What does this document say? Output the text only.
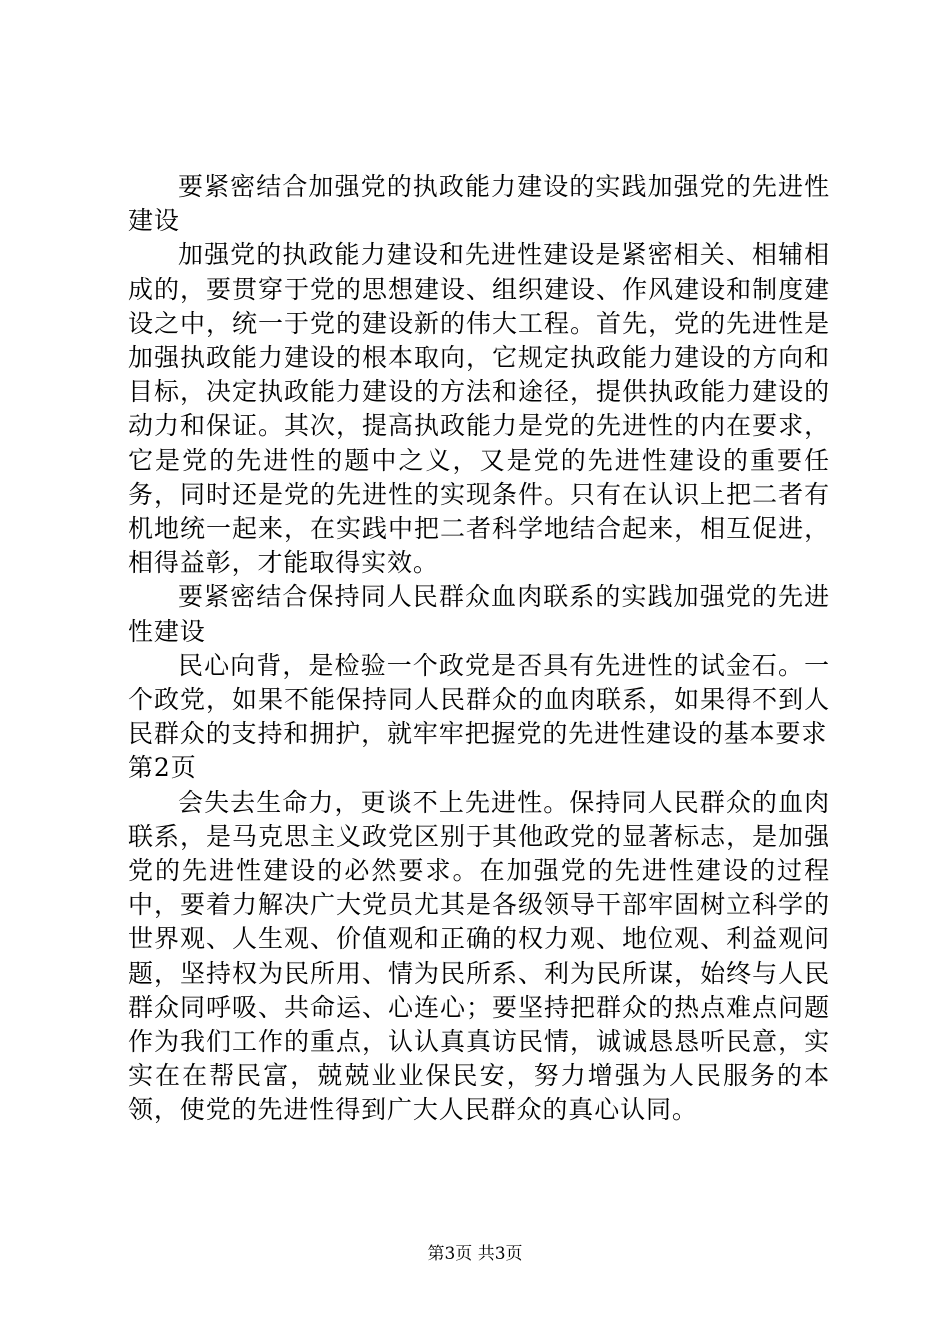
要紧密结合加强党的执政能力建设的实践加强党的先进性建设

加强党的执政能力建设和先进性建设是紧密相关、相辅相成的，要贯穿于党的思想建设、组织建设、作风建设和制度建设之中，统一于党的建设新的伟大工程。首先，党的先进性是加强执政能力建设的根本取向，它规定执政能力建设的方向和目标，决定执政能力建设的方法和途径，提供执政能力建设的动力和保证。其次，提高执政能力是党的先进性的内在要求，它是党的先进性的题中之义，又是党的先进性建设的重要任务，同时还是党的先进性的实现条件。只有在认识上把二者有机地统一起来，在实践中把二者科学地结合起来，相互促进，相得益彰，才能取得实效。

要紧密结合保持同人民群众血肉联系的实践加强党的先进性建设

民心向背，是检验一个政党是否具有先进性的试金石。一个政党，如果不能保持同人民群众的血肉联系，如果得不到人民群众的支持和拥护，就牢牢把握党的先进性建设的基本要求

第2页

会失去生命力，更谈不上先进性。保持同人民群众的血肉联系，是马克思主义政党区别于其他政党的显著标志，是加强党的先进性建设的必然要求。在加强党的先进性建设的过程中，要着力解决广大党员尤其是各级领导干部牢固树立科学的世界观、人生观、价值观和正确的权力观、地位观、利益观问题，坚持权为民所用、情为民所系、利为民所谋，始终与人民群众同呼吸、共命运、心连心；要坚持把群众的热点难点问题作为我们工作的重点，认认真真访民情，诚诚恳恳听民意，实实在在帮民富，兢兢业业保民安，努力增强为人民服务的本领，使党的先进性得到广大人民群众的真心认同。

第3页 共3页
